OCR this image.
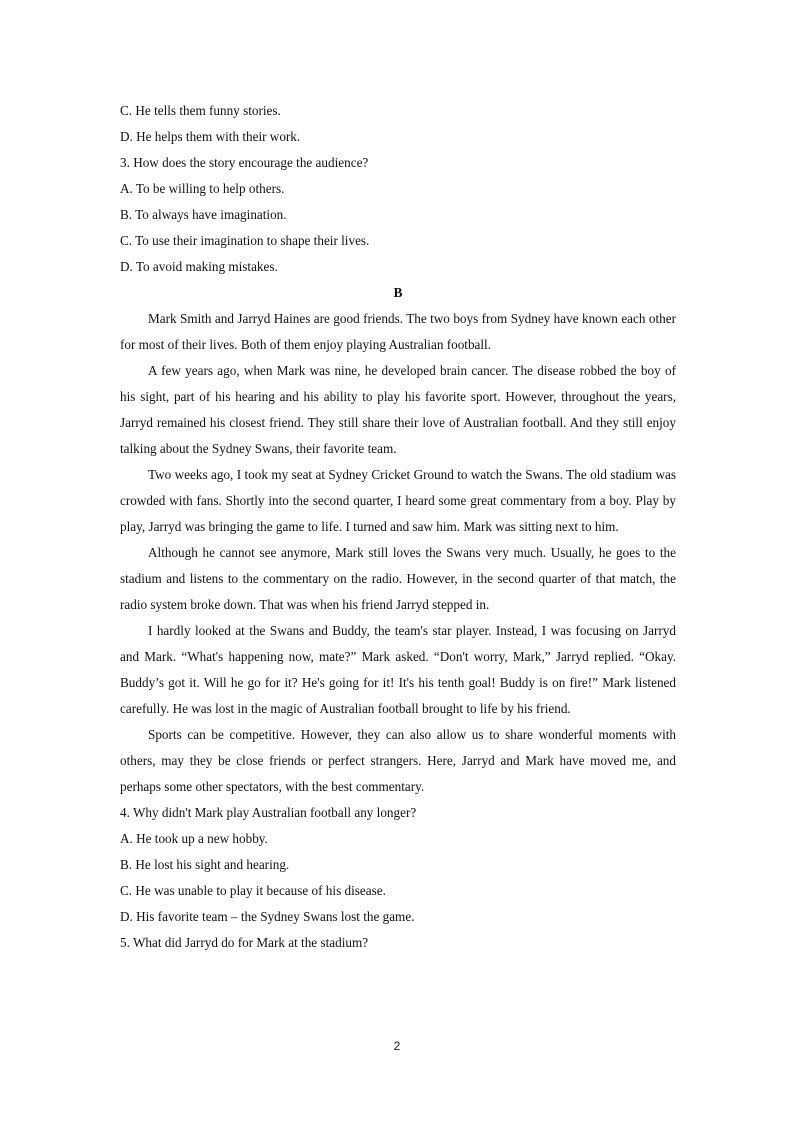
C. He tells them funny stories.

D. He helps them with their work.

3. How does the story encourage the audience?

A. To be willing to help others.

B. To always have imagination.

C. To use their imagination to shape their lives.

D. To avoid making mistakes.

B

Mark Smith and Jarryd Haines are good friends. The two boys from Sydney have known each other for most of their lives. Both of them enjoy playing Australian football.

A few years ago, when Mark was nine, he developed brain cancer. The disease robbed the boy of his sight, part of his hearing and his ability to play his favorite sport. However, throughout the years, Jarryd remained his closest friend. They still share their love of Australian football. And they still enjoy talking about the Sydney Swans, their favorite team.

Two weeks ago, I took my seat at Sydney Cricket Ground to watch the Swans. The old stadium was crowded with fans. Shortly into the second quarter, I heard some great commentary from a boy. Play by play, Jarryd was bringing the game to life. I turned and saw him. Mark was sitting next to him.

Although he cannot see anymore, Mark still loves the Swans very much. Usually, he goes to the stadium and listens to the commentary on the radio. However, in the second quarter of that match, the radio system broke down. That was when his friend Jarryd stepped in.

I hardly looked at the Swans and Buddy, the team's star player. Instead, I was focusing on Jarryd and Mark. “What's happening now, mate?” Mark asked. “Don't worry, Mark,” Jarryd replied. “Okay. Buddy’s got it. Will he go for it? He's going for it! It's his tenth goal! Buddy is on fire!” Mark listened carefully. He was lost in the magic of Australian football brought to life by his friend.

Sports can be competitive. However, they can also allow us to share wonderful moments with others, may they be close friends or perfect strangers. Here, Jarryd and Mark have moved me, and perhaps some other spectators, with the best commentary.

4. Why didn't Mark play Australian football any longer?

A. He took up a new hobby.

B. He lost his sight and hearing.

C. He was unable to play it because of his disease.

D. His favorite team – the Sydney Swans lost the game.

5. What did Jarryd do for Mark at the stadium?

2
